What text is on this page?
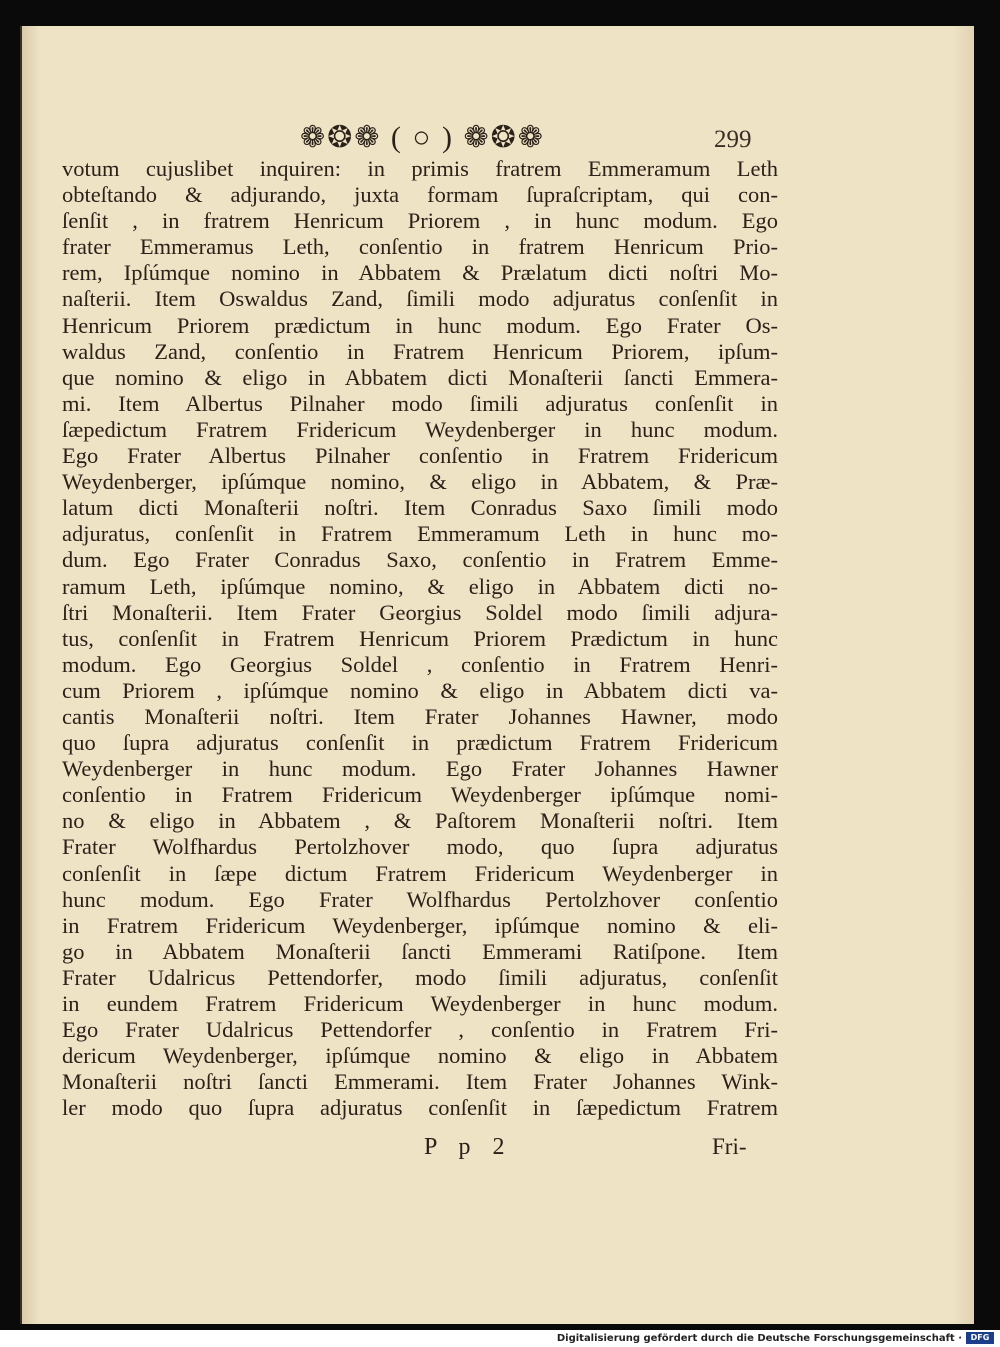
❁❂❁ ( ○ ) ❁❂❁	299
votum cujuslibet inquiren: in primis fratrem Emmeramum Leth
obteſtando & adjurando, juxta formam ſupraſcriptam, qui con-
ſenſit , in fratrem Henricum Priorem , in hunc modum. Ego
frater Emmeramus Leth, conſentio in fratrem Henricum Prio-
rem, Ipſúmque nomino in Abbatem & Prælatum dicti noſtri Mo-
naſterii. Item Oswaldus Zand, ſimili modo adjuratus conſenſit in
Henricum Priorem prædictum in hunc modum. Ego Frater Os-
waldus Zand, conſentio in Fratrem Henricum Priorem, ipſum-
que nomino & eligo in Abbatem dicti Monaſterii ſancti Emmera-
mi. Item Albertus Pilnaher modo ſimili adjuratus conſenſit in
ſæpedictum Fratrem Fridericum Weydenberger in hunc modum.
Ego Frater Albertus Pilnaher conſentio in Fratrem Fridericum
Weydenberger, ipſúmque nomino, & eligo in Abbatem, & Præ-
latum dicti Monaſterii noſtri. Item Conradus Saxo ſimili modo
adjuratus, conſenſit in Fratrem Emmeramum Leth in hunc mo-
dum. Ego Frater Conradus Saxo, conſentio in Fratrem Emme-
ramum Leth, ipſúmque nomino, & eligo in Abbatem dicti no-
ſtri Monaſterii. Item Frater Georgius Soldel modo ſimili adjura-
tus, conſenſit in Fratrem Henricum Priorem Prædictum in hunc
modum. Ego Georgius Soldel , conſentio in Fratrem Henri-
cum Priorem , ipſúmque nomino & eligo in Abbatem dicti va-
cantis Monaſterii noſtri. Item Frater Johannes Hawner, modo
quo ſupra adjuratus conſenſit in prædictum Fratrem Fridericum
Weydenberger in hunc modum. Ego Frater Johannes Hawner
conſentio in Fratrem Fridericum Weydenberger ipſúmque nomi-
no & eligo in Abbatem , & Paſtorem Monaſterii noſtri. Item
Frater Wolfhardus Pertolzhover modo, quo ſupra adjuratus
conſenſit in ſæpe dictum Fratrem Fridericum Weydenberger in
hunc modum. Ego Frater Wolfhardus Pertolzhover conſentio
in Fratrem Fridericum Weydenberger, ipſúmque nomino & eli-
go in Abbatem Monaſterii ſancti Emmerami Ratiſpone. Item
Frater Udalricus Pettendorfer, modo ſimili adjuratus, conſenſit
in eundem Fratrem Fridericum Weydenberger in hunc modum.
Ego Frater Udalricus Pettendorfer , conſentio in Fratrem Fri-
dericum Weydenberger, ipſúmque nomino & eligo in Abbatem
Monaſterii noſtri ſancti Emmerami. Item Frater Johannes Wink-
ler modo quo ſupra adjuratus conſenſit in ſæpedictum Fratrem
P p 2	Fri-
Digitalisierung gefördert durch die Deutsche Forschungsgemeinschaft ·	DFG
